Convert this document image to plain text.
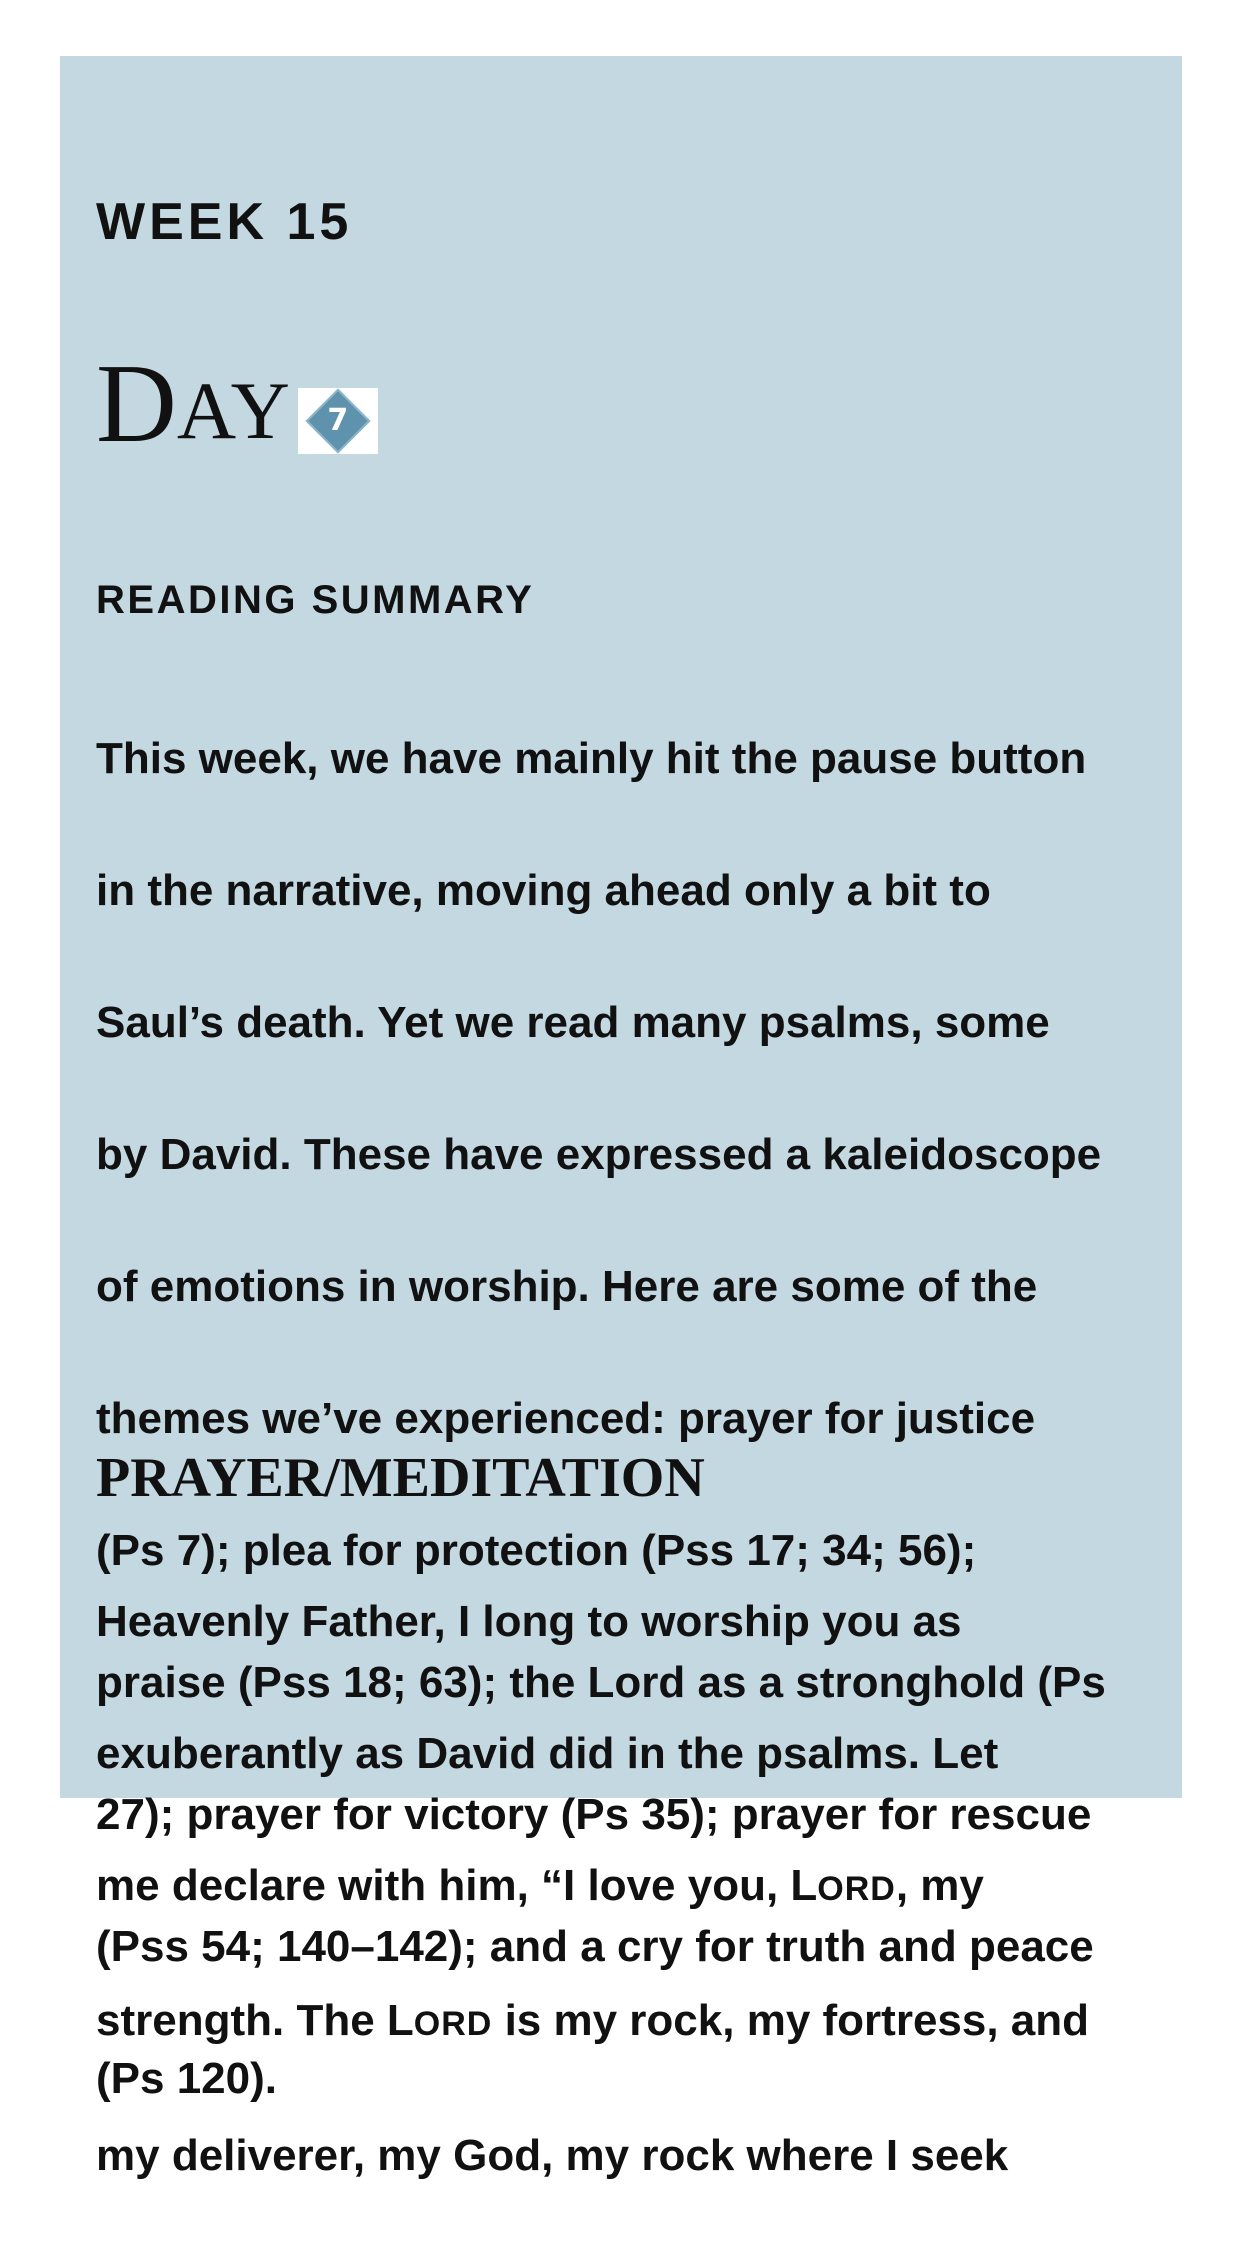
WEEK 15
D AY	7
READING SUMMARY

This week, we have mainly hit the pause button

in the narrative, moving ahead only a bit to

Saul’s death. Yet we read many psalms, some

by David. These have expressed a kaleidoscope

of emotions in worship. Here are some of the

themes we’ve experienced: prayer for justice

(Ps 7); plea for protection (Pss 17; 34; 56);

praise (Pss 18; 63); the Lord as a stronghold (Ps

27); prayer for victory (Ps 35); prayer for rescue

(Pss 54; 140–142); and a cry for truth and peace

(Ps 120).

PRAYER/MEDITATION

Heavenly Father, I long to worship you as

exuberantly as David did in the psalms. Let

me declare with him, “I love you, LORD, my

strength. The LORD is my rock, my fortress, and

my deliverer, my God, my rock where I seek
